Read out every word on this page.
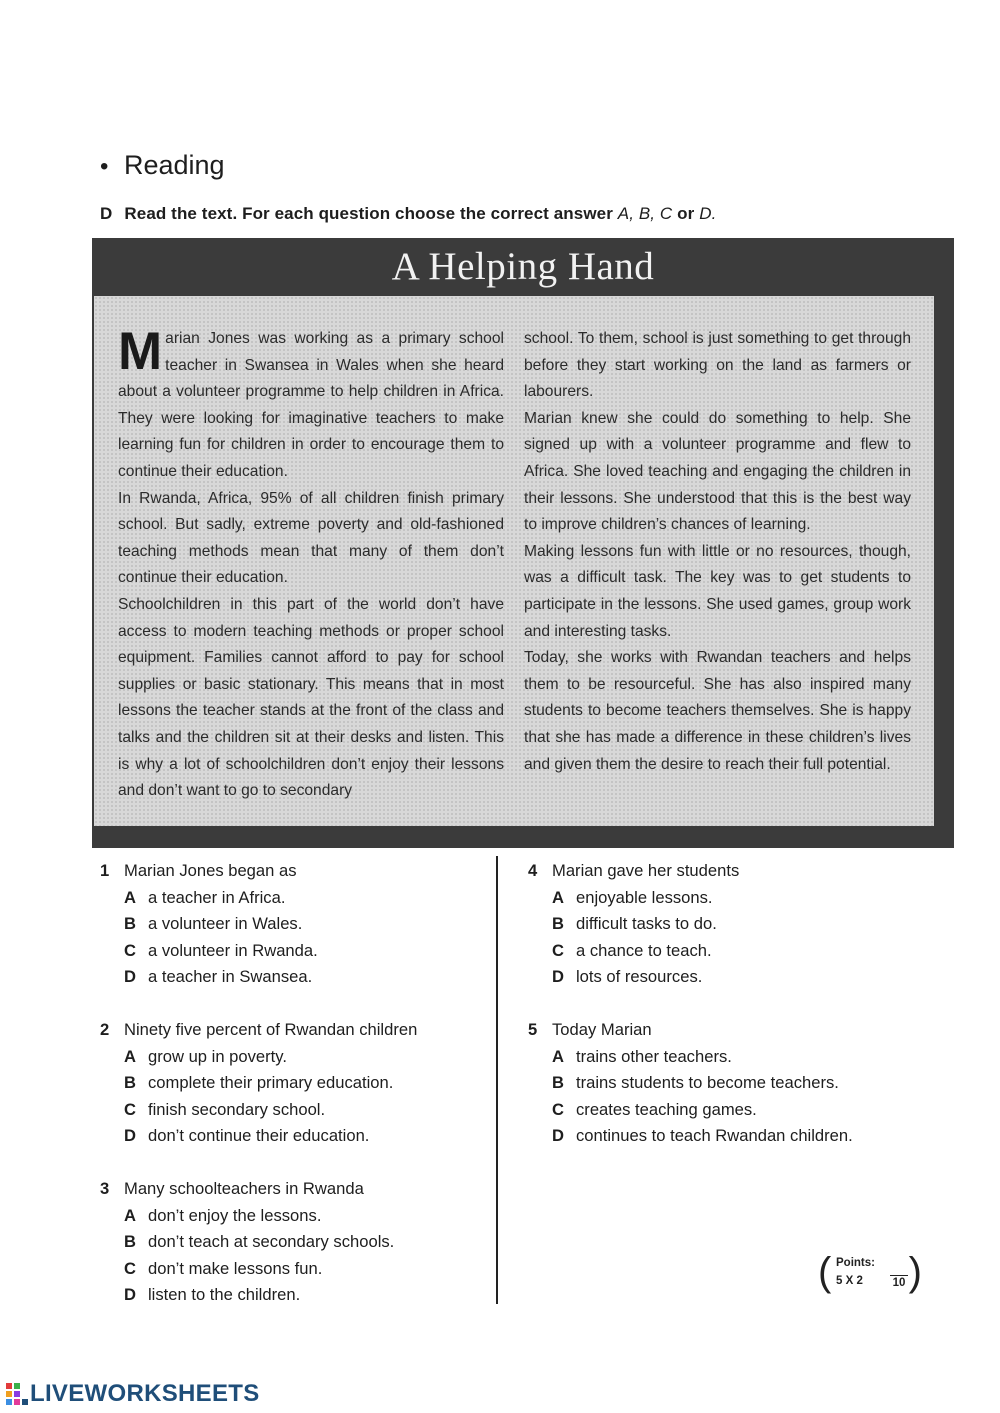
• Reading
D Read the text. For each question choose the correct answer A, B, C or D.
A Helping Hand

Marian Jones was working as a primary school teacher in Swansea in Wales when she heard about a volunteer programme to help children in Africa. They were looking for imaginative teachers to make learning fun for children in order to encourage them to continue their education.

In Rwanda, Africa, 95% of all children finish primary school. But sadly, extreme poverty and old-fashioned teaching methods mean that many of them don’t continue their education.

Schoolchildren in this part of the world don’t have access to modern teaching methods or proper school equipment. Families cannot afford to pay for school supplies or basic stationary. This means that in most lessons the teacher stands at the front of the class and talks and the children sit at their desks and listen. This is why a lot of schoolchildren don’t enjoy their lessons and don’t want to go to secondary

school. To them, school is just something to get through before they start working on the land as farmers or labourers.

Marian knew she could do something to help. She signed up with a volunteer programme and flew to Africa. She loved teaching and engaging the children in their lessons. She understood that this is the best way to improve children’s chances of learning.

Making lessons fun with little or no resources, though, was a difficult task. The key was to get students to participate in the lessons. She used games, group work and interesting tasks.

Today, she works with Rwandan teachers and helps them to be resourceful. She has also inspired many students to become teachers themselves. She is happy that she has made a difference in these children’s lives and given them the desire to reach their full potential.

1 Marian Jones began as
A a teacher in Africa.
B a volunteer in Wales.
C a volunteer in Rwanda.
D a teacher in Swansea.
2 Ninety five percent of Rwandan children
A grow up in poverty.
B complete their primary education.
C finish secondary school.
D don’t continue their education.
3 Many schoolteachers in Rwanda
A don’t enjoy the lessons.
B don’t teach at secondary schools.
C don’t make lessons fun.
D listen to the children.
4 Marian gave her students
A enjoyable lessons.
B difficult tasks to do.
C a chance to teach.
D lots of resources.
5 Today Marian
A trains other teachers.
B trains students to become teachers.
C creates teaching games.
D continues to teach Rwandan children.
( Points:
5 X 2	10 )
LIVEWORKSHEETS
